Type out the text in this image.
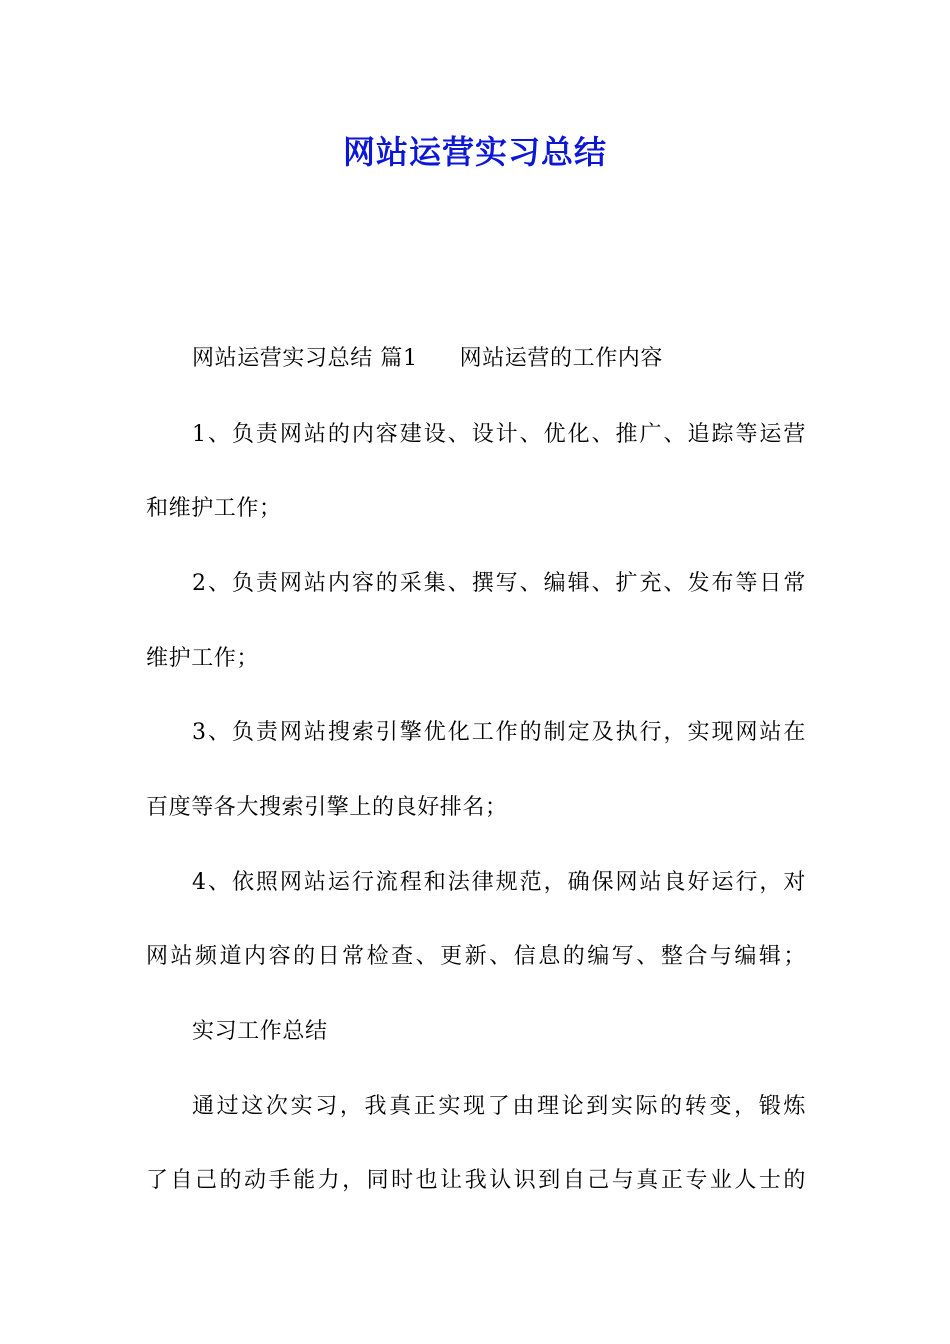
网站运营实习总结
网站运营实习总结 篇1 网站运营的工作内容
1、负责网站的内容建设、设计、优化、推广、追踪等运营
和维护工作；
2、负责网站内容的采集、撰写、编辑、扩充、发布等日常
维护工作；
3、负责网站搜索引擎优化工作的制定及执行，实现网站在
百度等各大搜索引擎上的良好排名；
4、依照网站运行流程和法律规范，确保网站良好运行，对
网站频道内容的日常检查、更新、信息的编写、整合与编辑；
实习工作总结
通过这次实习，我真正实现了由理论到实际的转变，锻炼
了自己的动手能力，同时也让我认识到自己与真正专业人士的
